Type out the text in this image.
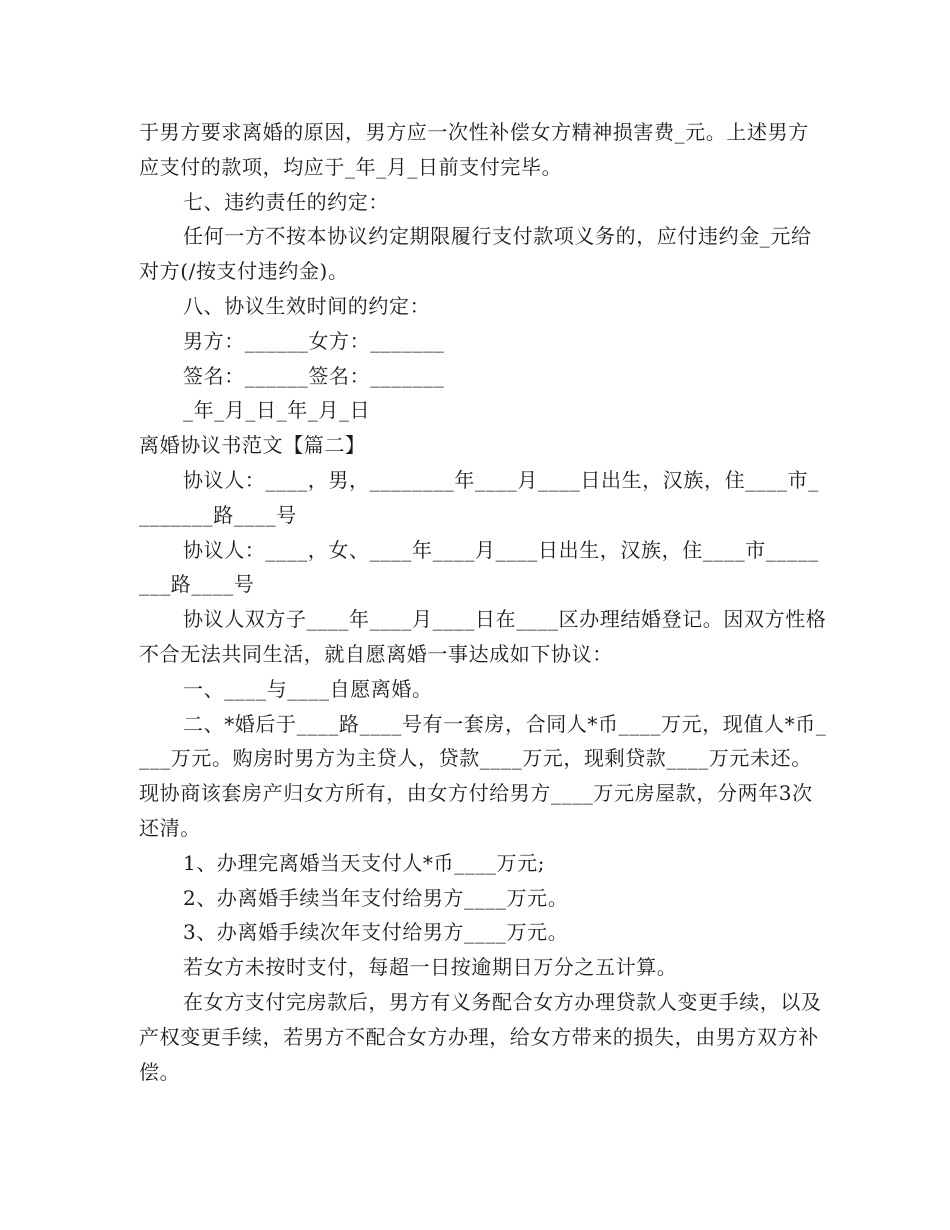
于男方要求离婚的原因，男方应一次性补偿女方精神损害费_元。上述男方应支付的款项，均应于_年_月_日前支付完毕。

七、违约责任的约定：

任何一方不按本协议约定期限履行支付款项义务的，应付违约金_元给对方(/按支付违约金)。

八、协议生效时间的约定：

男方：______女方：_______

签名：______签名：_______

_年_月_日_年_月_日

离婚协议书范文【篇二】

协议人：____，男，________年____月____日出生，汉族，住____市________路____号

协议人：____，女、____年____月____日出生，汉族，住____市________路____号

协议人双方子____年____月____日在____区办理结婚登记。因双方性格不合无法共同生活，就自愿离婚一事达成如下协议：

一、____与____自愿离婚。

二、*婚后于____路____号有一套房，合同人*币____万元，现值人*币____万元。购房时男方为主贷人，贷款____万元，现剩贷款____万元未还。现协商该套房产归女方所有，由女方付给男方____万元房屋款，分两年3次还清。

1、办理完离婚当天支付人*币____万元;

2、办离婚手续当年支付给男方____万元。

3、办离婚手续次年支付给男方____万元。

若女方未按时支付，每超一日按逾期日万分之五计算。

在女方支付完房款后，男方有义务配合女方办理贷款人变更手续，以及产权变更手续，若男方不配合女方办理，给女方带来的损失，由男方双方补偿。
